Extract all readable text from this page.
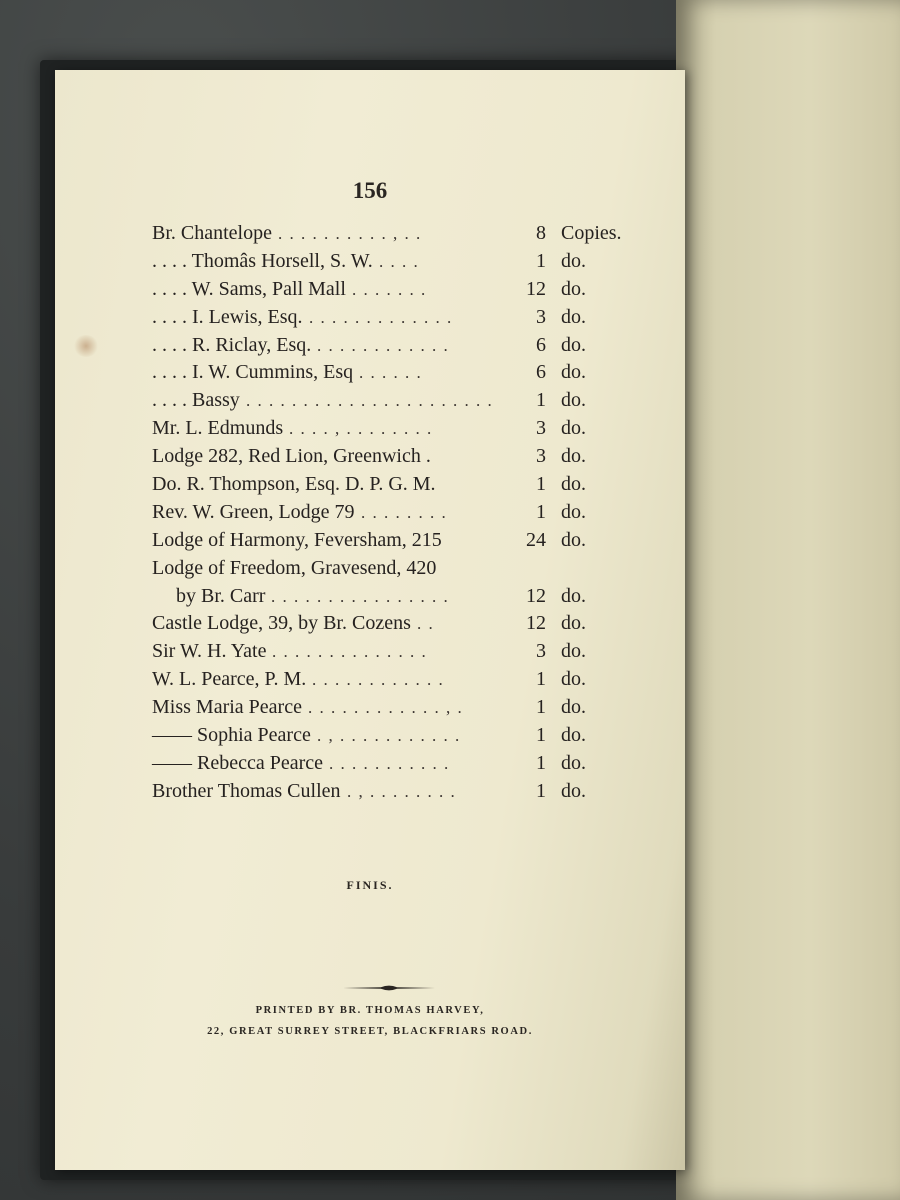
156
Br. Chantelope . . . . . . . . . . , . .	8 Copies.
. . . . Thomâs Horsell, S. W. . . . .	1 do.
. . . . W. Sams, Pall Mall . . . . . . .	12 do.
. . . . I. Lewis, Esq. . . . . . . . . . . . . .	3 do.
. . . . R. Riclay, Esq. . . . . . . . . . . . .	6 do.
. . . . I. W. Cummins, Esq . . . . . .	6 do.
. . . . Bassy . . . . . . . . . . . . . . . . . . . . . .	1 do.
Mr. L. Edmunds . . . . , . . . . . . . .	3 do.
Lodge 282, Red Lion, Greenwich .	3 do.
Do. R. Thompson, Esq. D. P. G. M.	1 do.
Rev. W. Green, Lodge 79 . . . . . . . .	1 do.
Lodge of Harmony, Feversham, 215	24 do.
Lodge of Freedom, Gravesend, 420
by Br. Carr . . . . . . . . . . . . . . . .	12 do.
Castle Lodge, 39, by Br. Cozens . .	12 do.
Sir W. H. Yate . . . . . . . . . . . . . .	3 do.
W. L. Pearce, P. M. . . . . . . . . . . . .	1 do.
Miss Maria Pearce . . . . . . . . . . . . , .	1 do.
—— Sophia Pearce . , . . . . . . . . . . .	1 do.
—— Rebecca Pearce . . . . . . . . . . .	1 do.
Brother Thomas Cullen . , . . . . . . . .	1 do.
FINIS.
PRINTED BY BR. THOMAS HARVEY,
22, GREAT SURREY STREET, BLACKFRIARS ROAD.
